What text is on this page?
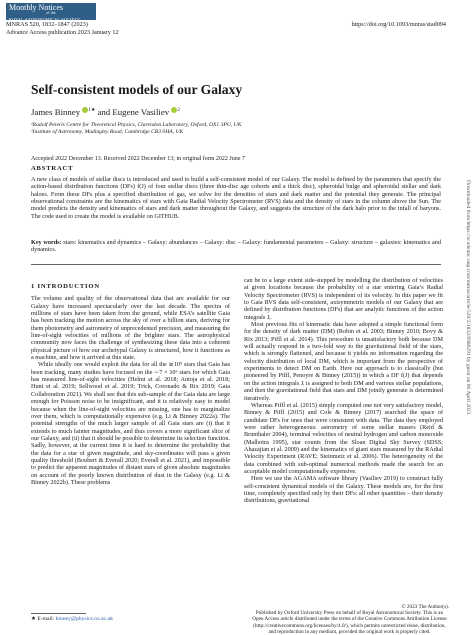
Monthly Notices
of the
ROYAL ASTRONOMICAL SOCIETY
MNRAS 520, 1832–1847 (2023)
Advance Access publication 2023 January 12
https://doi.org/10.1093/mnras/stad094
Self-consistent models of our Galaxy
James Binney $^{1★}$ and Eugene Vasiliev $^2$
¹Rudolf Peierls Centre for Theoretical Physics, Clarendon Laboratory, Oxford, OX1 3PU, UK
²Institute of Astronomy, Madingley Road, Cambridge CB3 0HA, UK
Accepted 2022 December 13. Received 2022 December 13; in original form 2022 June 7
ABSTRACT
A new class of models of stellar discs is introduced and used to build a self-consistent model of our Galaxy. The model is defined by the parameters that specify the action-based distribution functions (DFs) f(J) of four stellar discs (three thin-disc age cohorts and a thick disc), spheroidal bulge and spheroidal stellar and dark haloes. From these DFs plus a specified distribution of gas, we solve for the densities of stars and dark matter and the potential they generate. The principal observational constraints are the kinematics of stars with Gaia Radial Velocity Spectrometer (RVS) data and the density of stars in the column above the Sun. The model predicts the density and kinematics of stars and dark matter throughout the Galaxy, and suggests the structure of the dark halo prior to the infall of baryons. The code used to create the model is available on GITHUB.
Key words: stars: kinematics and dynamics – Galaxy: abundances – Galaxy: disc – Galaxy: fundamental parameters – Galaxy: structure – galaxies: kinematics and dynamics.
1 INTRODUCTION

The volume and quality of the observational data that are available for our Galaxy have increased spectacularly over the last decade. The spectra of millions of stars have been taken from the ground, while ESA’s satellite Gaia has been tracking the motion across the sky of over a billion stars, deriving for them photometry and astrometry of unprecedented precision, and measuring the line-of-sight velocities of millions of the brighter stars. The astrophysical community now faces the challenge of synthesizing these data into a coherent physical picture of how our archetypal Galaxy is structured, how it functions as a machine, and how it arrived at this state.

While ideally one would exploit the data for all the ≳10⁹ stars that Gaia has been tracking, many studies have focused on the ∼7 × 10⁶ stars for which Gaia has measured line-of-sight velocities (Helmi et al. 2018; Antoja et al. 2018; Hunt et al. 2019; Sellwood et al. 2019; Trick, Coronado & Rix 2019; Gaia Collaboration 2021). We shall see that this sub-sample of the Gaia data are large enough for Poisson noise to be insignificant, and it is relatively easy to model because when the line-of-sight velocities are missing, one has to marginalize over them, which is computationally expensive (e.g. Li & Binney 2022a). The potential strengths of the much larger sample of all Gaia stars are (i) that it extends to much fainter magnitudes, and thus covers a more significant slice of our Galaxy, and (ii) that it should be possible to determine its selection function. Sadly, however, at the current time it is hard to determine the probability that the data for a star of given magnitude, and sky-coordinates will pass a given quality threshold (Boubert & Everall 2020; Everall et al. 2021), and impossible to predict the apparent magnitudes of distant stars of given absolute magnitudes on account of the poorly known distribution of dust in the Galaxy (e.g. Li & Binney 2022b). These problems

can be to a large extent side-stepped by modelling the distribution of velocities at given locations because the probability of a star entering Gaia’s Radial Velocity Spectrometer (RVS) is independent of its velocity. In this paper we fit to Gaia RVS data self-consistent, axisymmetric models of our Galaxy that are defined by distribution functions (DFs) that are analytic functions of the action integrals Jᵢ.

Most previous fits of kinematic data have adopted a simple functional form for the density of dark matter (DM) (Robin et al. 2003; Binney 2010; Bovy & Rix 2013; Piffl et al. 2014). This procedure is unsatisfactory both because DM will actually respond in a two-fold way to the gravitational field of the stars, which is strongly flattened, and because it yields no information regarding the velocity distribution of local DM, which is important from the perspective of experiments to detect DM on Earth. Here our approach is to classically (but pioneered by Piffl, Penoyre & Binney (2015)) in which a DF f(J) that depends on the action integrals Jᵢ is assigned to both DM and various stellar populations, and then the gravitational field that stars and DM jointly generate is determined iteratively.

Whereas Piffl et al. (2015) simply computed one not very satisfactory model, Binney & Piffl (2015) and Cole & Binney (2017) searched the space of candidate DFs for ones that were consistent with data. The data they employed were rather heterogeneous: astrometry of some stellar masers (Reid & Brunthaler 2004), terminal velocities of neutral hydrogen and carbon monoxide (Malhotra 1995), star counts from the Sloan Digital Sky Survey (SDSS; Ahazajian et al. 2009) and the kinematics of giant stars measured by the RAdial Velocity Experiment (RAVE; Steinmetz et al. 2006). The heterogeneity of the data combined with sub-optimal numerical methods made the search for an acceptable model computationally expensive.

Here we use the AGAMA software library (Vasiliev 2019) to construct fully self-consistent dynamical models of the Galaxy. These models are, for the first time, completely specified only by their DFs: all other quantities – their density distributions, gravitational

★ E-mail: binney@physics.ox.ac.uk
© 2023 The Author(s).
Published by Oxford University Press on behalf of Royal Astronomical Society. This is an Open Access article distributed under the terms of the Creative Commons Attribution License (http://creativecommons.org/licenses/by/4.0/), which permits unrestricted reuse, distribution, and reproduction in any medium, provided the original work is properly cited.
Downloaded from https://academic.oup.com/mnras/article/520/2/1832/6986291 by guest on 06 April 2023
